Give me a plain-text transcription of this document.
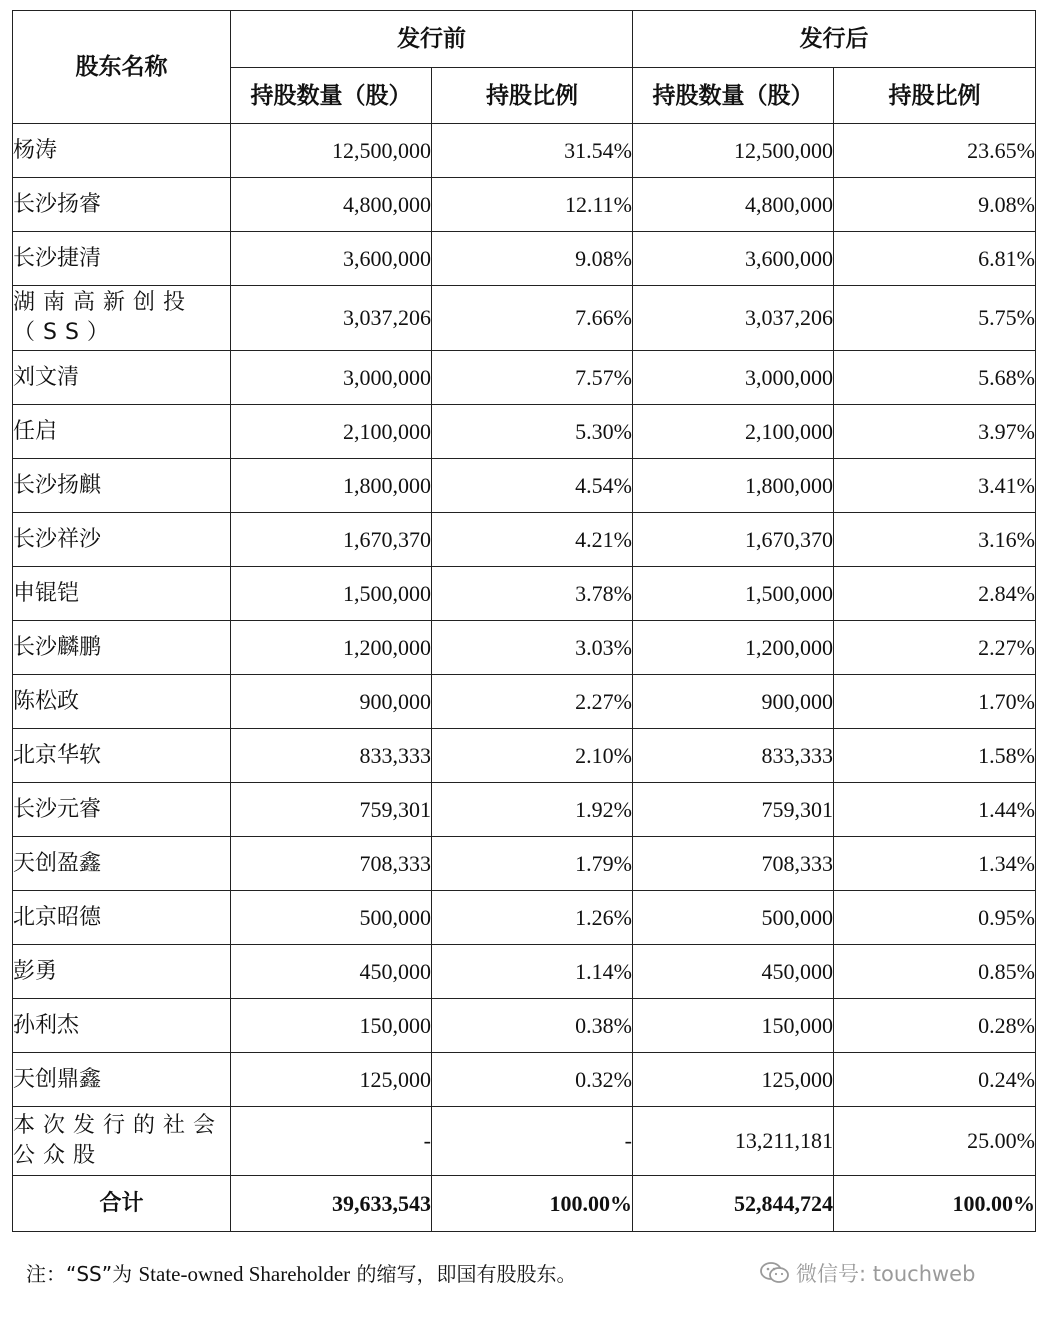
股东名称	发行前		发行后	
	持股数量（股）	持股比例	持股数量（股）	持股比例
杨涛	12,500,000	31.54%	12,500,000	23.65%
长沙扬睿	4,800,000	12.11%	4,800,000	9.08%
长沙捷清	3,600,000	9.08%	3,600,000	6.81%
湖南高新创投（SS）	3,037,206	7.66%	3,037,206	5.75%
刘文清	3,000,000	7.57%	3,000,000	5.68%
任启	2,100,000	5.30%	2,100,000	3.97%
长沙扬麒	1,800,000	4.54%	1,800,000	3.41%
长沙祥沙	1,670,370	4.21%	1,670,370	3.16%
申锟铠	1,500,000	3.78%	1,500,000	2.84%
长沙麟鹏	1,200,000	3.03%	1,200,000	2.27%
陈松政	900,000	2.27%	900,000	1.70%
北京华软	833,333	2.10%	833,333	1.58%
长沙元睿	759,301	1.92%	759,301	1.44%
天创盈鑫	708,333	1.79%	708,333	1.34%
北京昭德	500,000	1.26%	500,000	0.95%
彭勇	450,000	1.14%	450,000	0.85%
孙利杰	150,000	0.38%	150,000	0.28%
天创鼎鑫	125,000	0.32%	125,000	0.24%
本次发行的社会公众股	-	-	13,211,181	25.00%
合计	39,633,543	100.00%	52,844,724	100.00%
注：“SS”为 State-owned Shareholder 的缩写，即国有股股东。	微信号: touchweb
